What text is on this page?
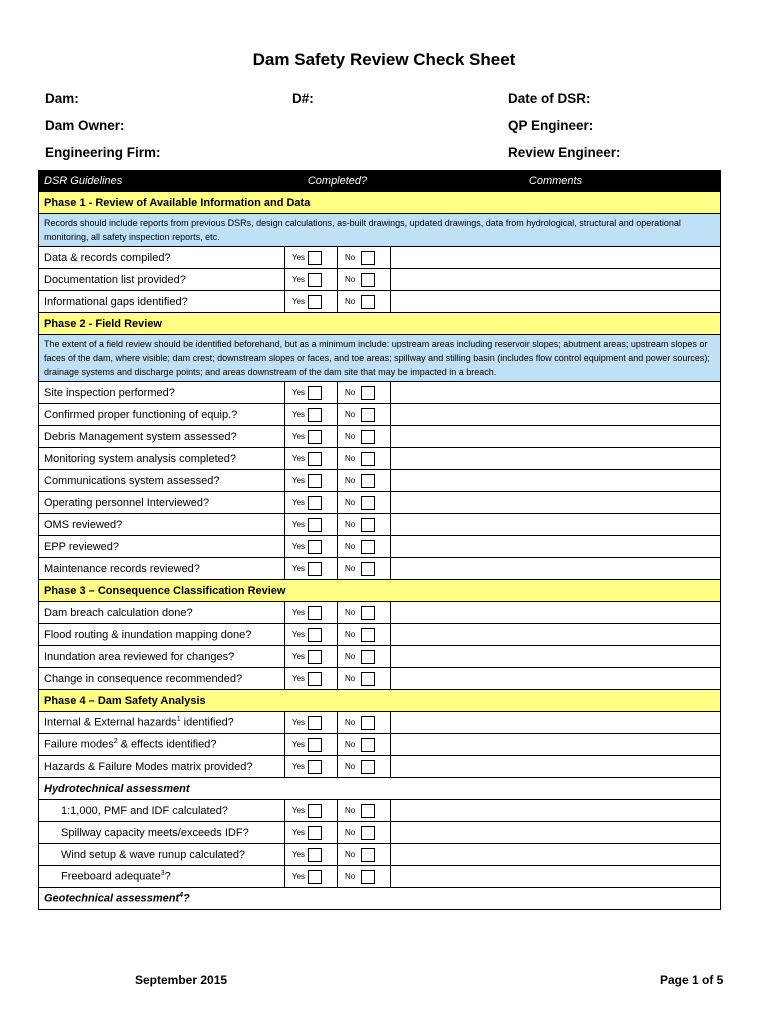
Dam Safety Review Check Sheet
Dam:	D#:	Date of DSR:
Dam Owner:	QP Engineer:
Engineering Firm:	Review Engineer:
DSR Guidelines	Completed?		Comments
Phase 1 - Review of Available Information and Data			
Records should include reports from previous DSRs, design calculations, as-built drawings, updated drawings, data from hydrological, structural and operational monitoring, all safety inspection reports, etc.			
Data & records compiled?	Yes	No	
Documentation list provided?	Yes	No	
Informational gaps identified?	Yes	No	
Phase 2 - Field Review			
The extent of a field review should be identified beforehand, but as a minimum include: upstream areas including reservoir slopes; abutment areas; upstream slopes or faces of the dam, where visible; dam crest; downstream slopes or faces, and toe areas; spillway and stilling basin (includes flow control equipment and power sources); drainage systems and discharge points; and areas downstream of the dam site that may be impacted in a breach.			
Site inspection performed?	Yes	No	
Confirmed proper functioning of equip.?	Yes	No	
Debris Management system assessed?	Yes	No	
Monitoring system analysis completed?	Yes	No	
Communications system assessed?	Yes	No	
Operating personnel Interviewed?	Yes	No	
OMS reviewed?	Yes	No	
EPP reviewed?	Yes	No	
Maintenance records reviewed?	Yes	No	
Phase 3 – Consequence Classification Review			
Dam breach calculation done?	Yes	No	
Flood routing & inundation mapping done?	Yes	No	
Inundation area reviewed for changes?	Yes	No	
Change in consequence recommended?	Yes	No	
Phase 4 – Dam Safety Analysis			
Internal & External hazards$^1$ identified?	Yes	No	
Failure modes$^2$ & effects identified?	Yes	No	
Hazards & Failure Modes matrix provided?	Yes	No	
Hydrotechnical assessment			
1:1,000, PMF and IDF calculated?	Yes	No	
Spillway capacity meets/exceeds IDF?	Yes	No	
Wind setup & wave runup calculated?	Yes	No	
Freeboard adequate$^3$?	Yes	No	
Geotechnical assessment$^4$?			
September 2015	Page 1 of 5
